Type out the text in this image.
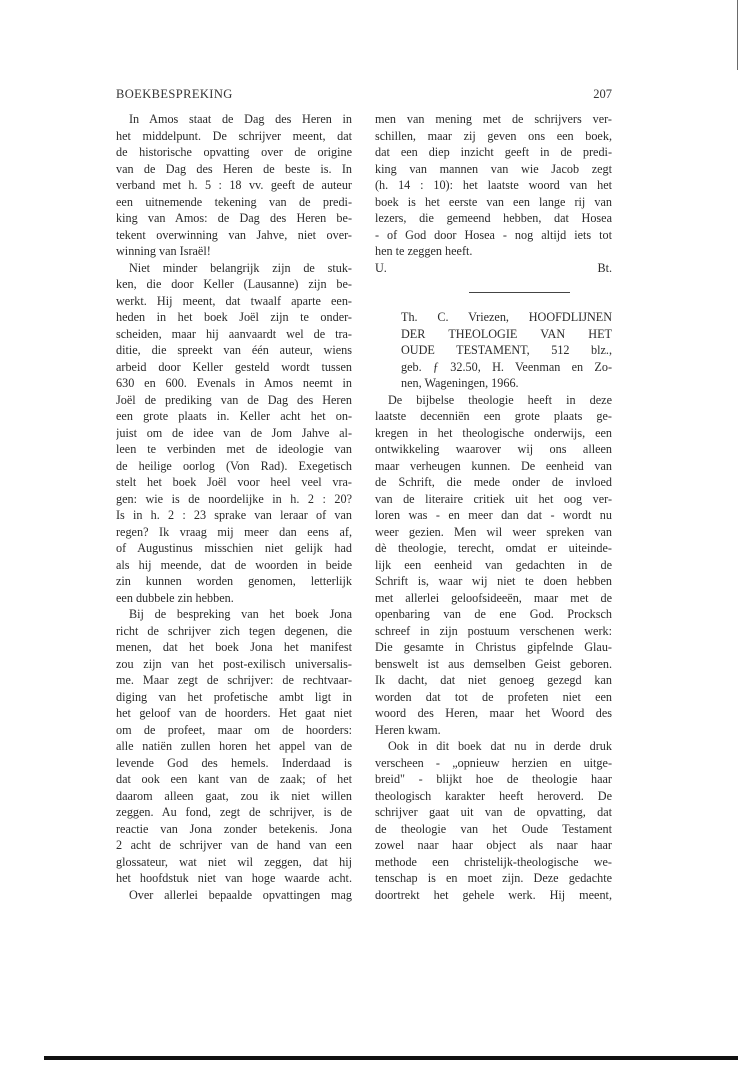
BOEKBESPREKING	207
In Amos staat de Dag des Heren in
het middelpunt. De schrijver meent, dat
de historische opvatting over de origine
van de Dag des Heren de beste is. In
verband met h. 5 : 18 vv. geeft de auteur
een uitnemende tekening van de predi-
king van Amos: de Dag des Heren be-
tekent overwinning van Jahve, niet over-
winning van Israël!
Niet minder belangrijk zijn de stuk-
ken, die door Keller (Lausanne) zijn be-
werkt. Hij meent, dat twaalf aparte een-
heden in het boek Joël zijn te onder-
scheiden, maar hij aanvaardt wel de tra-
ditie, die spreekt van één auteur, wiens
arbeid door Keller gesteld wordt tussen
630 en 600. Evenals in Amos neemt in
Joël de prediking van de Dag des Heren
een grote plaats in. Keller acht het on-
juist om de idee van de Jom Jahve al-
leen te verbinden met de ideologie van
de heilige oorlog (Von Rad). Exegetisch
stelt het boek Joël voor heel veel vra-
gen: wie is de noordelijke in h. 2 : 20?
Is in h. 2 : 23 sprake van leraar of van
regen? Ik vraag mij meer dan eens af,
of Augustinus misschien niet gelijk had
als hij meende, dat de woorden in beide
zin kunnen worden genomen, letterlijk
een dubbele zin hebben.
Bij de bespreking van het boek Jona
richt de schrijver zich tegen degenen, die
menen, dat het boek Jona het manifest
zou zijn van het post-exilisch universalis-
me. Maar zegt de schrijver: de rechtvaar-
diging van het profetische ambt ligt in
het geloof van de hoorders. Het gaat niet
om de profeet, maar om de hoorders:
alle natiën zullen horen het appel van de
levende God des hemels. Inderdaad is
dat ook een kant van de zaak; of het
daarom alleen gaat, zou ik niet willen
zeggen. Au fond, zegt de schrijver, is de
reactie van Jona zonder betekenis. Jona
2 acht de schrijver van de hand van een
glossateur, wat niet wil zeggen, dat hij
het hoofdstuk niet van hoge waarde acht.
Over allerlei bepaalde opvattingen mag
men van mening met de schrijvers ver-
schillen, maar zij geven ons een boek,
dat een diep inzicht geeft in de predi-
king van mannen van wie Jacob zegt
(h. 14 : 10): het laatste woord van het
boek is het eerste van een lange rij van
lezers, die gemeend hebben, dat Hosea
- of God door Hosea - nog altijd iets tot
hen te zeggen heeft.
U.	Bt.
Th. C. Vriezen, HOOFDLIJNEN
DER THEOLOGIE VAN HET
OUDE TESTAMENT, 512 blz.,
geb. ƒ 32.50, H. Veenman en Zo-
nen, Wageningen, 1966.
De bijbelse theologie heeft in deze
laatste decenniën een grote plaats ge-
kregen in het theologische onderwijs, een
ontwikkeling waarover wij ons alleen
maar verheugen kunnen. De eenheid van
de Schrift, die mede onder de invloed
van de literaire critiek uit het oog ver-
loren was - en meer dan dat - wordt nu
weer gezien. Men wil weer spreken van
dè theologie, terecht, omdat er uiteinde-
lijk een eenheid van gedachten in de
Schrift is, waar wij niet te doen hebben
met allerlei geloofsideeën, maar met de
openbaring van de ene God. Procksch
schreef in zijn postuum verschenen werk:
Die gesamte in Christus gipfelnde Glau-
benswelt ist aus demselben Geist geboren.
Ik dacht, dat niet genoeg gezegd kan
worden dat tot de profeten niet een
woord des Heren, maar het Woord des
Heren kwam.
Ook in dit boek dat nu in derde druk
verscheen - „opnieuw herzien en uitge-
breid" - blijkt hoe de theologie haar
theologisch karakter heeft heroverd. De
schrijver gaat uit van de opvatting, dat
de theologie van het Oude Testament
zowel naar haar object als naar haar
methode een christelijk-theologische we-
tenschap is en moet zijn. Deze gedachte
doortrekt het gehele werk. Hij meent,
